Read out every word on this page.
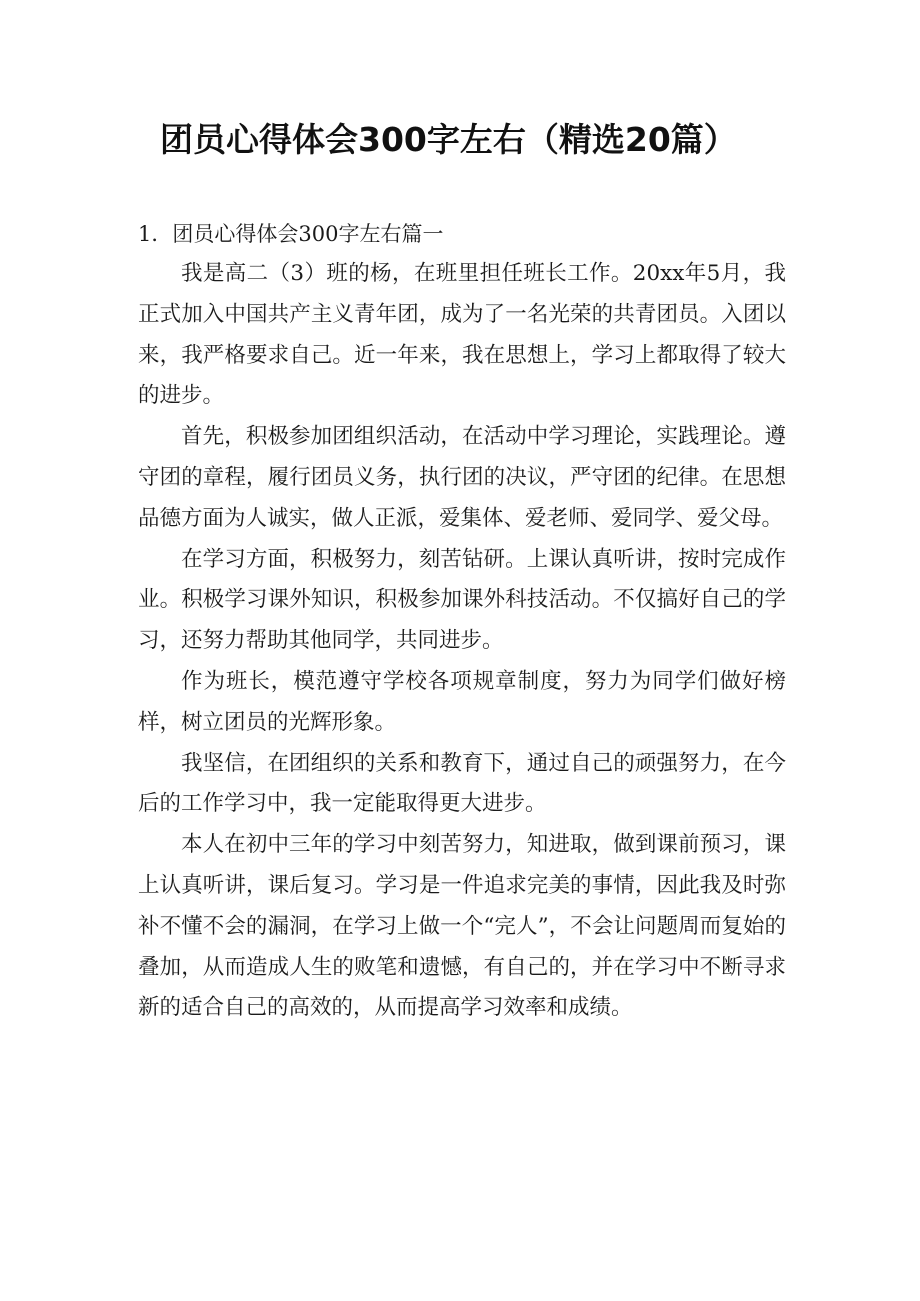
团员心得体会300字左右（精选20篇）
1．团员心得体会300字左右篇一

我是高二（3）班的杨，在班里担任班长工作。20xx年5月，我正式加入中国共产主义青年团，成为了一名光荣的共青团员。入团以来，我严格要求自己。近一年来，我在思想上，学习上都取得了较大的进步。

首先，积极参加团组织活动，在活动中学习理论，实践理论。遵守团的章程，履行团员义务，执行团的决议，严守团的纪律。在思想品德方面为人诚实，做人正派，爱集体、爱老师、爱同学、爱父母。

在学习方面，积极努力，刻苦钻研。上课认真听讲，按时完成作业。积极学习课外知识，积极参加课外科技活动。不仅搞好自己的学习，还努力帮助其他同学，共同进步。

作为班长，模范遵守学校各项规章制度，努力为同学们做好榜样，树立团员的光辉形象。

我坚信，在团组织的关系和教育下，通过自己的顽强努力，在今后的工作学习中，我一定能取得更大进步。

本人在初中三年的学习中刻苦努力，知进取，做到课前预习，课上认真听讲，课后复习。学习是一件追求完美的事情，因此我及时弥补不懂不会的漏洞，在学习上做一个“完人”，不会让问题周而复始的叠加，从而造成人生的败笔和遗憾，有自己的，并在学习中不断寻求新的适合自己的高效的，从而提高学习效率和成绩。
